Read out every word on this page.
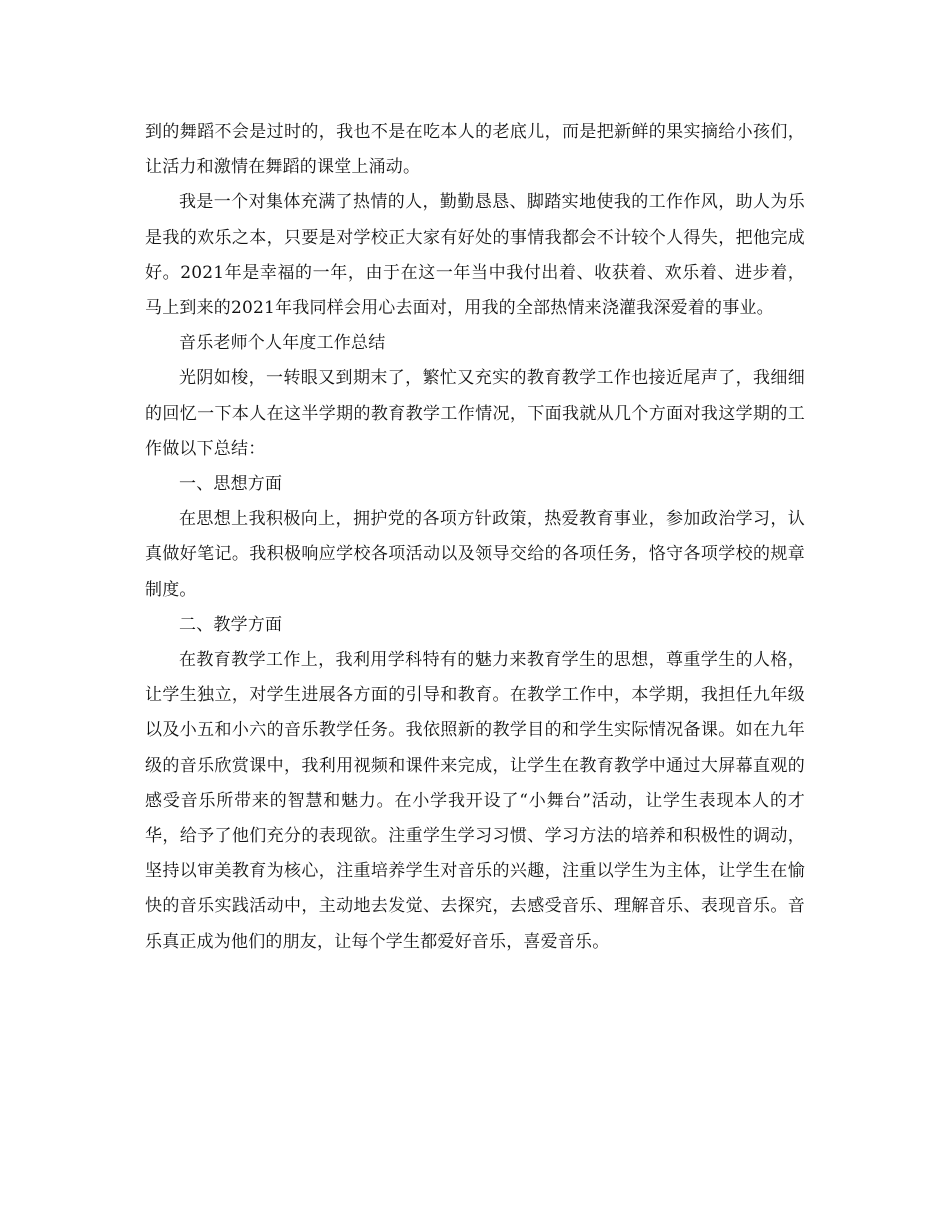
到的舞蹈不会是过时的，我也不是在吃本人的老底儿，而是把新鲜的果实摘给小孩们，让活力和激情在舞蹈的课堂上涌动。

我是一个对集体充满了热情的人，勤勤恳恳、脚踏实地使我的工作作风，助人为乐是我的欢乐之本，只要是对学校正大家有好处的事情我都会不计较个人得失，把他完成好。2021年是幸福的一年，由于在这一年当中我付出着、收获着、欢乐着、进步着，马上到来的2021年我同样会用心去面对，用我的全部热情来浇灌我深爱着的事业。

音乐老师个人年度工作总结

光阴如梭，一转眼又到期末了，繁忙又充实的教育教学工作也接近尾声了，我细细的回忆一下本人在这半学期的教育教学工作情况，下面我就从几个方面对我这学期的工作做以下总结：

一、思想方面

在思想上我积极向上，拥护党的各项方针政策，热爱教育事业，参加政治学习，认真做好笔记。我积极响应学校各项活动以及领导交给的各项任务，恪守各项学校的规章制度。

二、教学方面

在教育教学工作上，我利用学科特有的魅力来教育学生的思想，尊重学生的人格，让学生独立，对学生进展各方面的引导和教育。在教学工作中，本学期，我担任九年级以及小五和小六的音乐教学任务。我依照新的教学目的和学生实际情况备课。如在九年级的音乐欣赏课中，我利用视频和课件来完成，让学生在教育教学中通过大屏幕直观的感受音乐所带来的智慧和魅力。在小学我开设了“小舞台”活动，让学生表现本人的才华，给予了他们充分的表现欲。注重学生学习习惯、学习方法的培养和积极性的调动，坚持以审美教育为核心，注重培养学生对音乐的兴趣，注重以学生为主体，让学生在愉快的音乐实践活动中，主动地去发觉、去探究，去感受音乐、理解音乐、表现音乐。音乐真正成为他们的朋友，让每个学生都爱好音乐，喜爱音乐。
